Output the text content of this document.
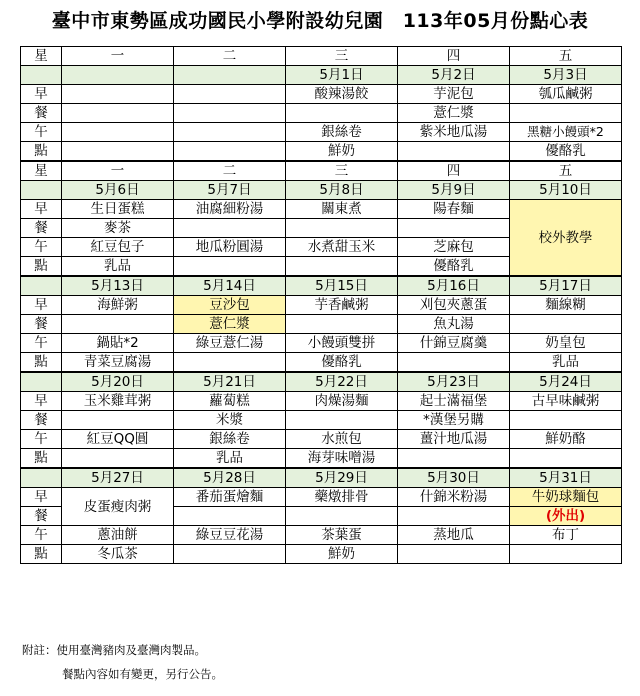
臺中市東勢區成功國民小學附設幼兒園　113年05月份點心表
星	一	二	三	四	五
			5月1日	5月2日	5月3日
早			酸辣湯餃	芋泥包	瓠瓜鹹粥
餐				薏仁漿	
午			銀絲卷	紫米地瓜湯	黑糖小饅頭*2
點			鮮奶		優酪乳
星	一	二	三	四	五
	5月6日	5月7日	5月8日	5月9日	5月10日
早	生日蛋糕	油腐細粉湯	關東煮	陽春麵	校外教學
餐	麥茶				
午	紅豆包子	地瓜粉圓湯	水煮甜玉米	芝麻包	
點	乳品			優酪乳	
	5月13日	5月14日	5月15日	5月16日	5月17日
早	海鮮粥	豆沙包	芋香鹹粥	刈包夾蔥蛋	麵線糊
餐		薏仁漿		魚丸湯	
午	鍋貼*2	綠豆薏仁湯	小饅頭雙拼	什錦豆腐羹	奶皇包
點	青菜豆腐湯		優酪乳		乳品
	5月20日	5月21日	5月22日	5月23日	5月24日
早	玉米雞茸粥	蘿蔔糕	肉燥湯麵	起士滿福堡	古早味鹹粥
餐		米漿		*漢堡另購	
午	紅豆QQ圓	銀絲卷	水煎包	薑汁地瓜湯	鮮奶酪
點		乳品	海芽味噌湯		
	5月27日	5月28日	5月29日	5月30日	5月31日
早	皮蛋瘦肉粥	番茄蛋燴麵	藥燉排骨	什錦米粉湯	牛奶球麵包
餐					(外出)
午	蔥油餅	綠豆豆花湯	茶葉蛋	蒸地瓜	布丁
點	冬瓜茶		鮮奶		
附註：使用臺灣豬肉及臺灣肉製品。
餐點內容如有變更，另行公告。
